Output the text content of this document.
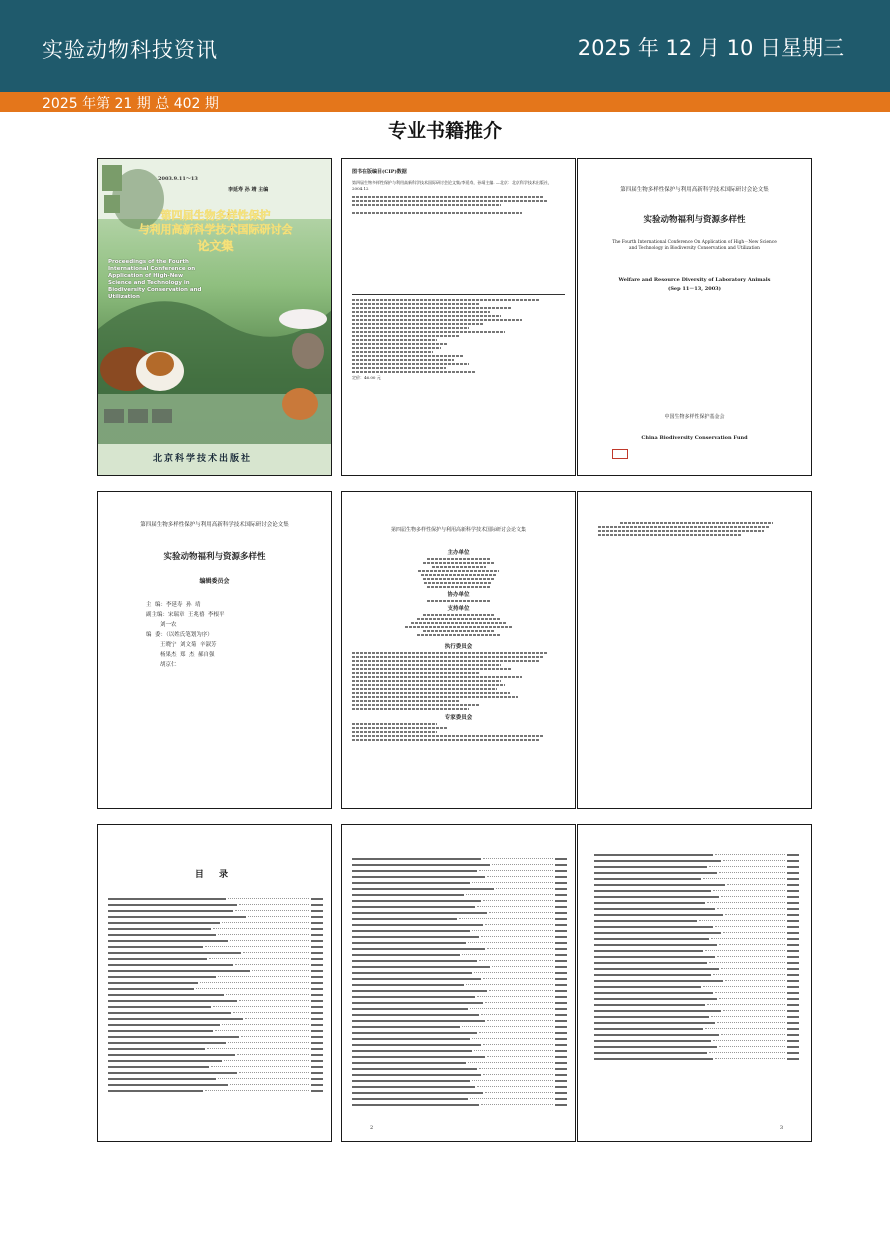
实验动物科技资讯	2025 年 12 月 10 日星期三
2025 年第 21 期 总 402 期
专业书籍推介
2003.9.11～13
李延寿 孙 靖 主编
第四届生物多样性保护
与利用高新科学技术国际研讨会
论文集
Proceedings of the Fourth International Conference on Application of High-New Science and Technology in Biodiversity Conservation and Utilization
北京科学技术出版社
图书在版编目(CIP)数据
第四届生物多样性保护与利用高新科学技术国际研讨会论文集/李延寿，孙靖主编. —北京：北京科学技术出版社，2004.12
定价：46.00 元
第四届生物多样性保护与利用高新科学技术国际研讨会论文集
实验动物福利与资源多样性
The Fourth International Conference On Application of High－New Science
and Technology in Biodiversity Conservation and Utilization
Welfare and Resource Diversity of Laboratory Animals
(Sep 11－13, 2003)
中国生物多样性保护基金会
China Biodiversity Conservation Fund
第四届生物多样性保护与利用高新科学技术国际研讨会论文集
实验动物福利与资源多样性
编辑委员会
主  编：李延寿  孙  靖
副主编：宋瑞章  王兆禧  李根平
刘一农
编  委：（以姓氏笔划为序）
王晓宁  刘文菊  辛淑芳
杨果杰  郑  杰  郝自强
胡京仁
第四届生物多样性保护与利用高新科学技术国际研讨会论文集
主办单位
协办单位
支持单位
执行委员会
专家委员会
目 录
2	3
